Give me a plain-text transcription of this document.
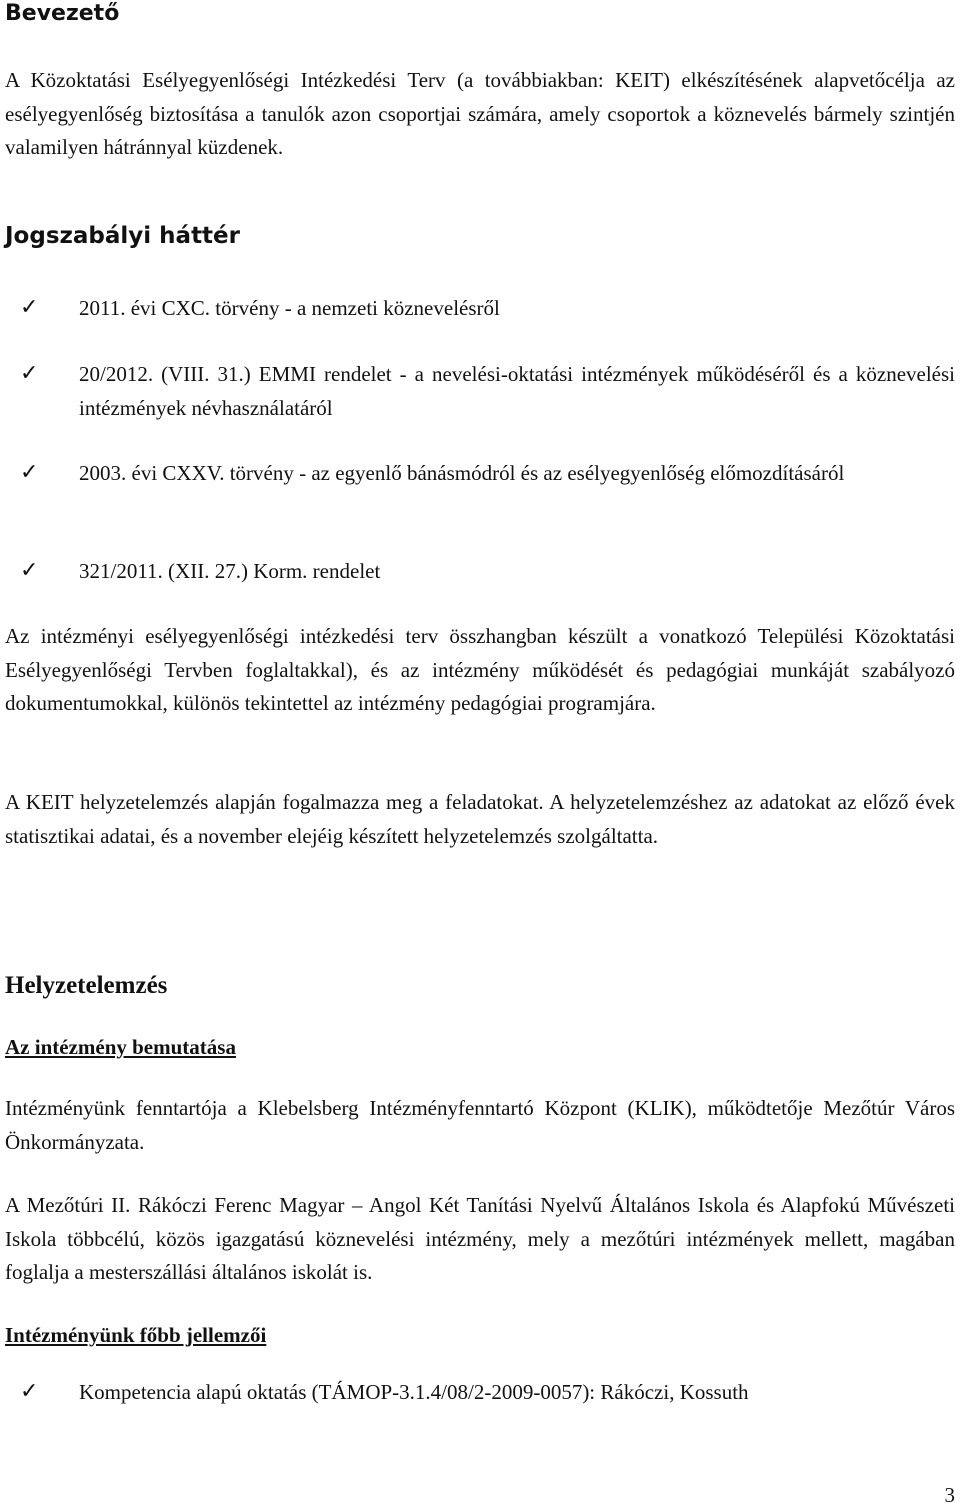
Bevezető

A Közoktatási Esélyegyenlőségi Intézkedési Terv (a továbbiakban: KEIT) elkészítésének alapvetőcélja az esélyegyenlőség biztosítása a tanulók azon csoportjai számára, amely csoportok a köznevelés bármely szintjén valamilyen hátránnyal küzdenek.

Jogszabályi háttér
✓ 2011. évi CXC. törvény - a nemzeti köznevelésről
✓ 20/2012. (VIII. 31.) EMMI rendelet - a nevelési-oktatási intézmények működéséről és a köznevelési intézmények névhasználatáról
✓ 2003. évi CXXV. törvény - az egyenlő bánásmódról és az esélyegyenlőség előmozdításáról
✓ 321/2011. (XII. 27.) Korm. rendelet

Az intézményi esélyegyenlőségi intézkedési terv összhangban készült a vonatkozó Települési Közoktatási Esélyegyenlőségi Tervben foglaltakkal), és az intézmény működését és pedagógiai munkáját szabályozó dokumentumokkal, különös tekintettel az intézmény pedagógiai programjára.

A KEIT helyzetelemzés alapján fogalmazza meg a feladatokat. A helyzetelemzéshez az adatokat az előző évek statisztikai adatai, és a november elejéig készített helyzetelemzés szolgáltatta.

Helyzetelemzés
Az intézmény bemutatása

Intézményünk fenntartója a Klebelsberg Intézményfenntartó Központ (KLIK), működtetője Mezőtúr Város Önkormányzata.

A Mezőtúri II. Rákóczi Ferenc Magyar – Angol Két Tanítási Nyelvű Általános Iskola és Alapfokú Művészeti Iskola többcélú, közös igazgatású köznevelési intézmény, mely a mezőtúri intézmények mellett, magában foglalja a mesterszállási általános iskolát is.

Intézményünk főbb jellemzői
✓ Kompetencia alapú oktatás (TÁMOP-3.1.4/08/2-2009-0057): Rákóczi, Kossuth
3
